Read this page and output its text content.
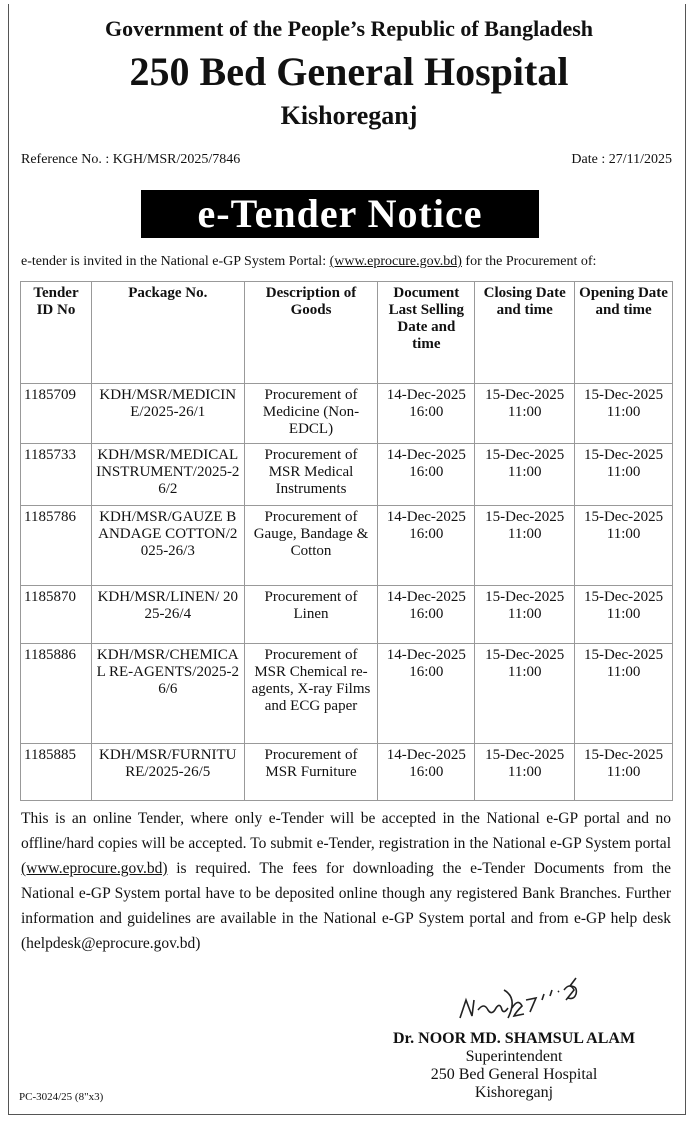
Government of the People’s Republic of Bangladesh
250 Bed General Hospital
Kishoreganj
Reference No. : KGH/MSR/2025/7846	Date : 27/11/2025
e-Tender Notice
e-tender is invited in the National e-GP System Portal: (www.eprocure.gov.bd) for the Procurement of:
Tender ID No	Package No.	Description of Goods	Document Last Selling Date and time	Closing Date and time	Opening Date and time
1185709	KDH/MSR/MEDICINE/2025-26/1	Procurement of Medicine (Non-EDCL)	14-Dec-2025 16:00	15-Dec-2025 11:00	15-Dec-2025 11:00
1185733	KDH/MSR/MEDICAL INSTRUMENT/2025-26/2	Procurement of MSR Medical Instruments	14-Dec-2025 16:00	15-Dec-2025 11:00	15-Dec-2025 11:00
1185786	KDH/MSR/GAUZE BANDAGE COTTON/2025-26/3	Procurement of Gauge, Bandage & Cotton	14-Dec-2025 16:00	15-Dec-2025 11:00	15-Dec-2025 11:00
1185870	KDH/MSR/LINEN/ 2025-26/4	Procurement of Linen	14-Dec-2025 16:00	15-Dec-2025 11:00	15-Dec-2025 11:00
1185886	KDH/MSR/CHEMICAL RE-AGENTS/2025-26/6	Procurement of MSR Chemical re- agents, X-ray Films and ECG paper	14-Dec-2025 16:00	15-Dec-2025 11:00	15-Dec-2025 11:00
1185885	KDH/MSR/FURNITURE/2025-26/5	Procurement of MSR Furniture	14-Dec-2025 16:00	15-Dec-2025 11:00	15-Dec-2025 11:00
This is an online Tender, where only e-Tender will be accepted in the National e-GP portal and no offline/hard copies will be accepted. To submit e-Tender, registration in the National e-GP System portal (www.eprocure.gov.bd) is required. The fees for downloading the e-Tender Documents from the National e-GP System portal have to be deposited online though any registered Bank Branches. Further information and guidelines are available in the National e-GP System portal and from e-GP help desk (helpdesk@eprocure.gov.bd)
Dr. NOOR MD. SHAMSUL ALAM
Superintendent
250 Bed General Hospital
Kishoreganj
PC-3024/25 (8"x3)
